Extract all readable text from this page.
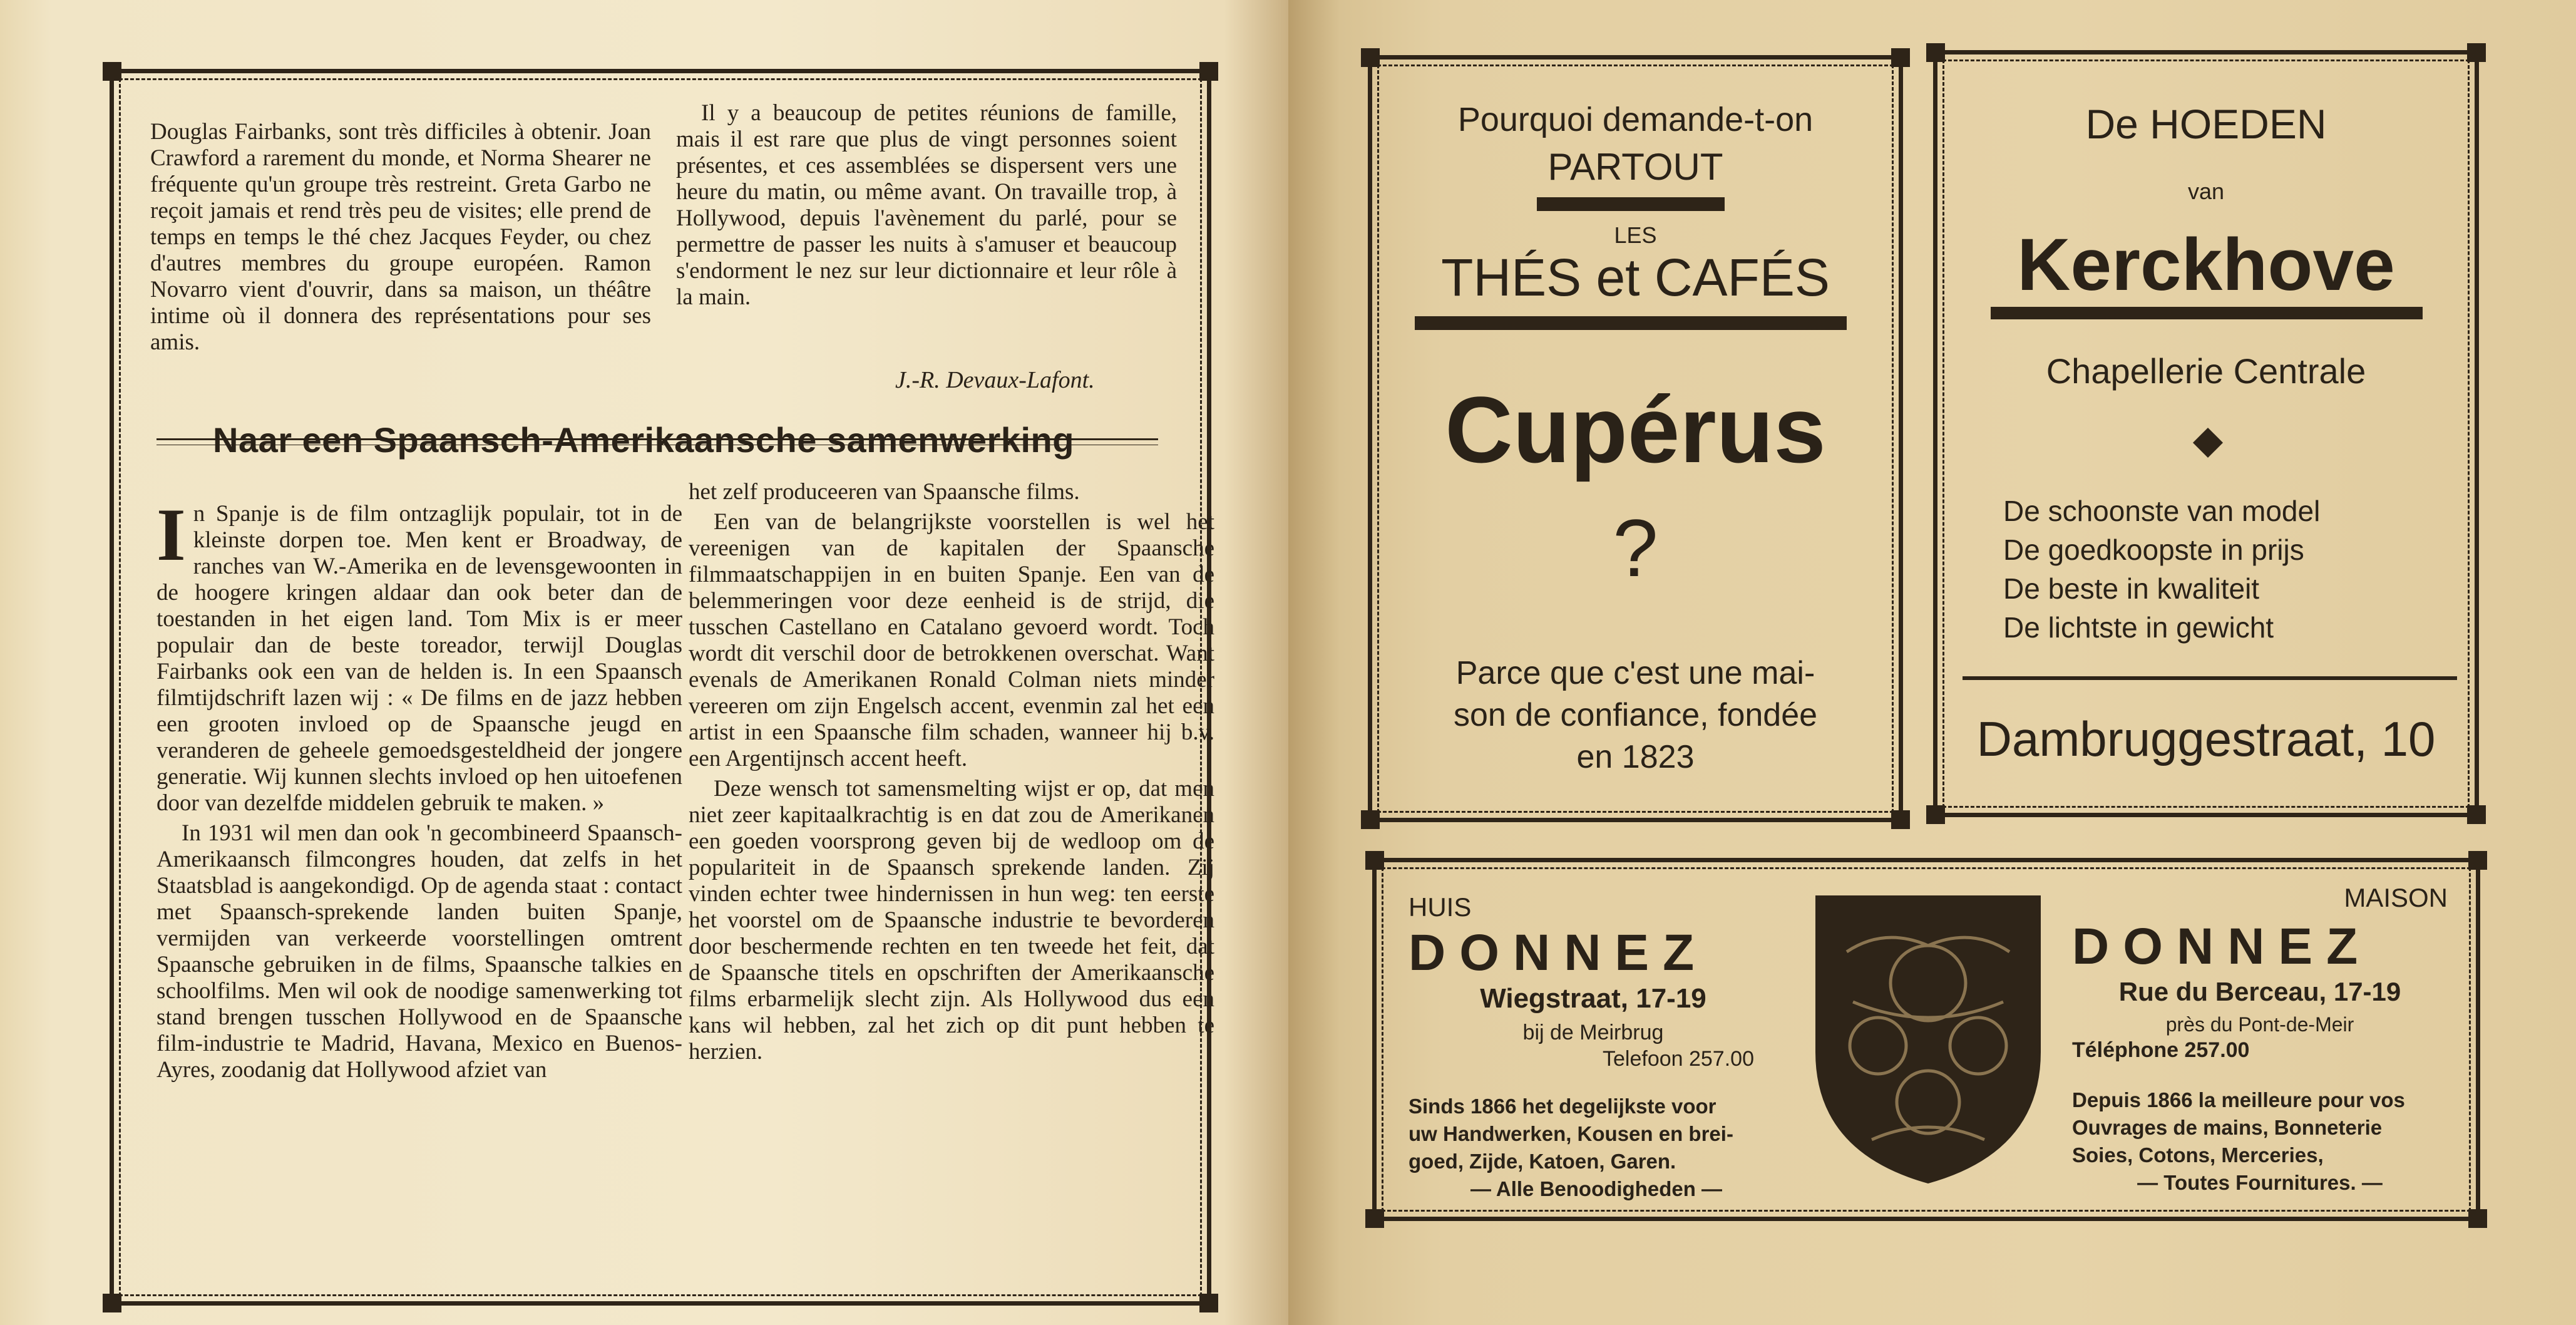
Douglas Fairbanks, sont très difficiles à obtenir. Joan Crawford a rarement du monde, et Norma Shearer ne fréquente qu'un groupe très restreint. Greta Garbo ne reçoit jamais et rend très peu de visites; elle prend de temps en temps le thé chez Jacques Feyder, ou chez d'autres membres du groupe européen. Ramon Novarro vient d'ouvrir, dans sa maison, un théâtre intime où il donnera des représentations pour ses amis.

Il y a beaucoup de petites réunions de famille, mais il est rare que plus de vingt personnes soient présentes, et ces assemblées se dispersent vers une heure du matin, ou même avant. On travaille trop, à Hollywood, depuis l'avènement du parlé, pour se permettre de passer les nuits à s'amuser et beaucoup s'endorment le nez sur leur dictionnaire et leur rôle à la main.

J.-R. Devaux-Lafont.
Naar een Spaansch-Amerikaansche samenwerking

In Spanje is de film ontzaglijk populair, tot in de kleinste dorpen toe. Men kent er Broadway, de ranches van W.-Amerika en de levensgewoonten in de hoogere kringen aldaar dan ook beter dan de toestanden in het eigen land. Tom Mix is er meer populair dan de beste toreador, terwijl Douglas Fairbanks ook een van de helden is. In een Spaansch filmtijdschrift lazen wij : « De films en de jazz hebben een grooten invloed op de Spaansche jeugd en veranderen de geheele gemoedsgesteldheid der jongere generatie. Wij kunnen slechts invloed op hen uitoefenen door van dezelfde middelen gebruik te maken. »

In 1931 wil men dan ook 'n gecombineerd Spaansch-Amerikaansch filmcongres houden, dat zelfs in het Staatsblad is aangekondigd. Op de agenda staat : contact met Spaansch-sprekende landen buiten Spanje, vermijden van verkeerde voorstellingen omtrent Spaansche gebruiken in de films, Spaansche talkies en schoolfilms. Men wil ook de noodige samenwerking tot stand brengen tusschen Hollywood en de Spaansche film-industrie te Madrid, Havana, Mexico en Buenos-Ayres, zoodanig dat Hollywood afziet van

het zelf produceeren van Spaansche films.

Een van de belangrijkste voorstellen is wel het vereenigen van de kapitalen der Spaansche filmmaatschappijen in en buiten Spanje. Een van de belemmeringen voor deze eenheid is de strijd, die tusschen Castellano en Catalano gevoerd wordt. Toch wordt dit verschil door de betrokkenen overschat. Want evenals de Amerikanen Ronald Colman niets minder vereeren om zijn Engelsch accent, evenmin zal het een artist in een Spaansche film schaden, wanneer hij b.v. een Argentijnsch accent heeft.

Deze wensch tot samensmelting wijst er op, dat men niet zeer kapitaalkrachtig is en dat zou de Amerikanen een goeden voorsprong geven bij de wedloop om de populariteit in de Spaansch sprekende landen. Zij vinden echter twee hindernissen in hun weg: ten eerste het voorstel om de Spaansche industrie te bevorderen door beschermende rechten en ten tweede het feit, dat de Spaansche titels en opschriften der Amerikaansche films erbarmelijk slecht zijn. Als Hollywood dus een kans wil hebben, zal het zich op dit punt hebben te herzien.

Pourquoi demande-t-on
PARTOUT
LES
THÉS et CAFÉS
Cupérus
?
Parce que c'est une mai-
son de confiance, fondée
en 1823
De HOEDEN
van
Kerckhove
Chapellerie Centrale
De schoonste van model
De goedkoopste in prijs
De beste in kwaliteit
De lichtste in gewicht
Dambruggestraat, 10
HUIS
DONNEZ
Wiegstraat, 17-19
bij de Meirbrug
Telefoon 257.00
Sinds 1866 het degelijkste voor
uw Handwerken, Kousen en brei-
goed, Zijde, Katoen, Garen.
— Alle Benoodigheden —
MAISON
DONNEZ
Rue du Berceau, 17-19
près du Pont-de-Meir
Téléphone 257.00
Depuis 1866 la meilleure pour vos
Ouvrages de mains, Bonneterie
Soies, Cotons, Merceries,
— Toutes Fournitures. —
